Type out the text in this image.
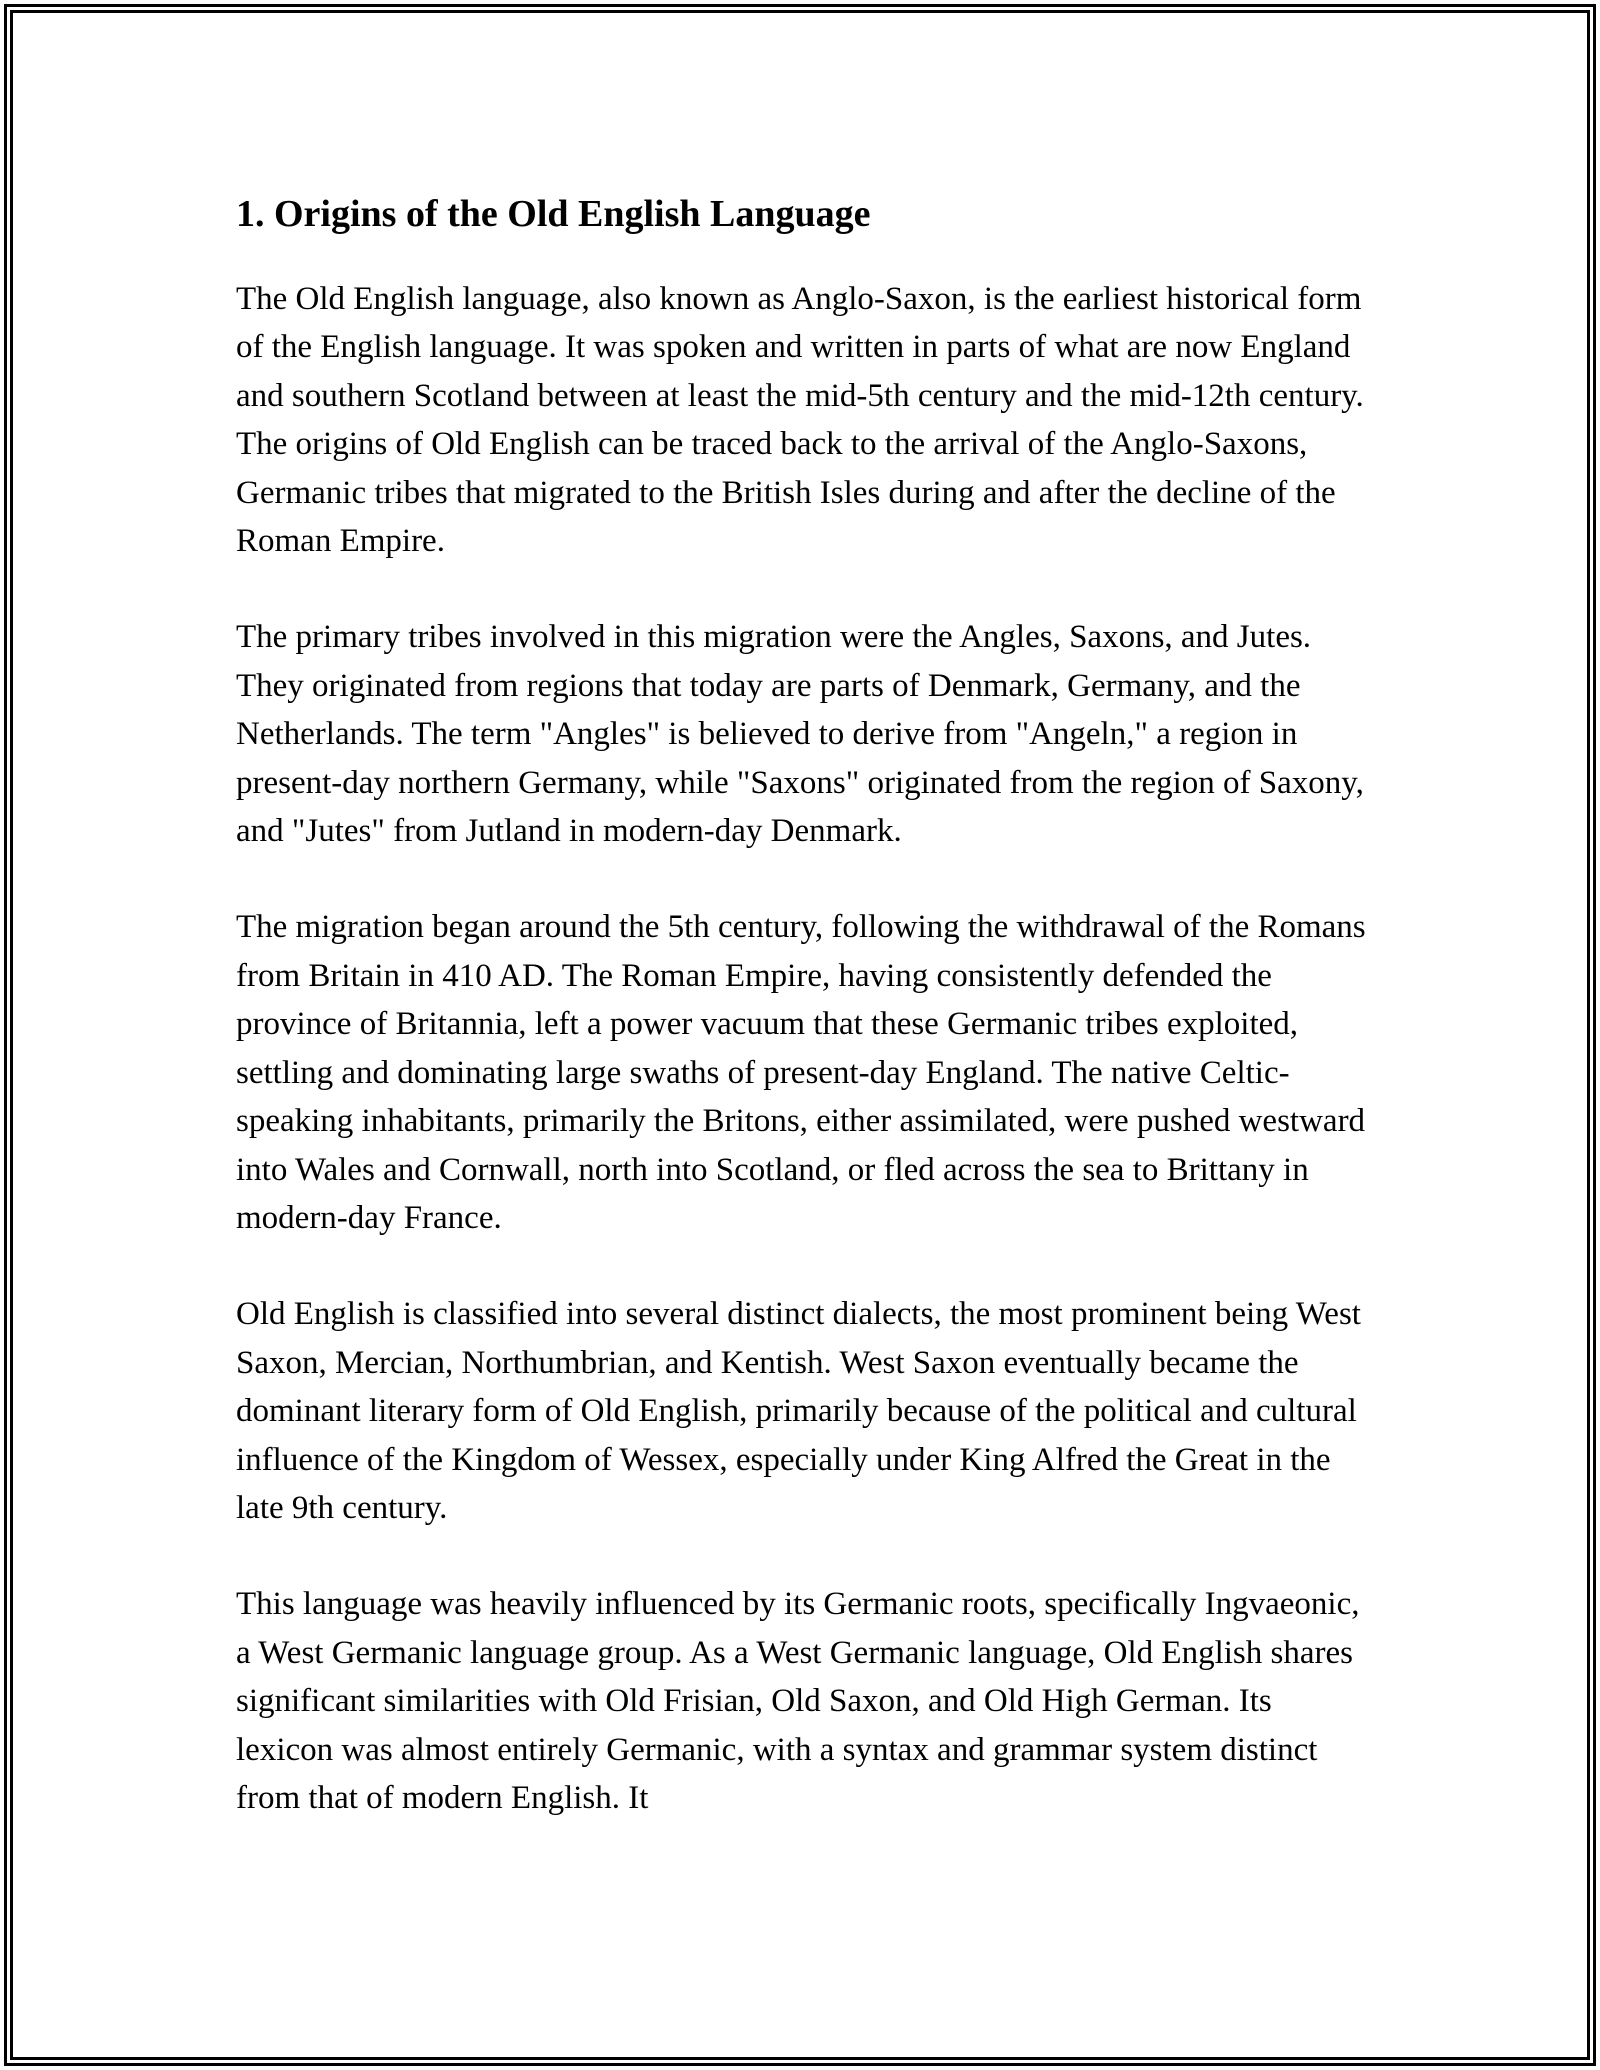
1. Origins of the Old English Language

The Old English language, also known as Anglo-Saxon, is the earliest historical form of the English language. It was spoken and written in parts of what are now England and southern Scotland between at least the mid-5th century and the mid-12th century. The origins of Old English can be traced back to the arrival of the Anglo-Saxons, Germanic tribes that migrated to the British Isles during and after the decline of the Roman Empire.

The primary tribes involved in this migration were the Angles, Saxons, and Jutes. They originated from regions that today are parts of Denmark, Germany, and the Netherlands. The term "Angles" is believed to derive from "Angeln," a region in present-day northern Germany, while "Saxons" originated from the region of Saxony, and "Jutes" from Jutland in modern-day Denmark.

The migration began around the 5th century, following the withdrawal of the Romans from Britain in 410 AD. The Roman Empire, having consistently defended the province of Britannia, left a power vacuum that these Germanic tribes exploited, settling and dominating large swaths of present-day England. The native Celtic-speaking inhabitants, primarily the Britons, either assimilated, were pushed westward into Wales and Cornwall, north into Scotland, or fled across the sea to Brittany in modern-day France.

Old English is classified into several distinct dialects, the most prominent being West Saxon, Mercian, Northumbrian, and Kentish. West Saxon eventually became the dominant literary form of Old English, primarily because of the political and cultural influence of the Kingdom of Wessex, especially under King Alfred the Great in the late 9th century.

This language was heavily influenced by its Germanic roots, specifically Ingvaeonic, a West Germanic language group. As a West Germanic language, Old English shares significant similarities with Old Frisian, Old Saxon, and Old High German. Its lexicon was almost entirely Germanic, with a syntax and grammar system distinct from that of modern English. It
